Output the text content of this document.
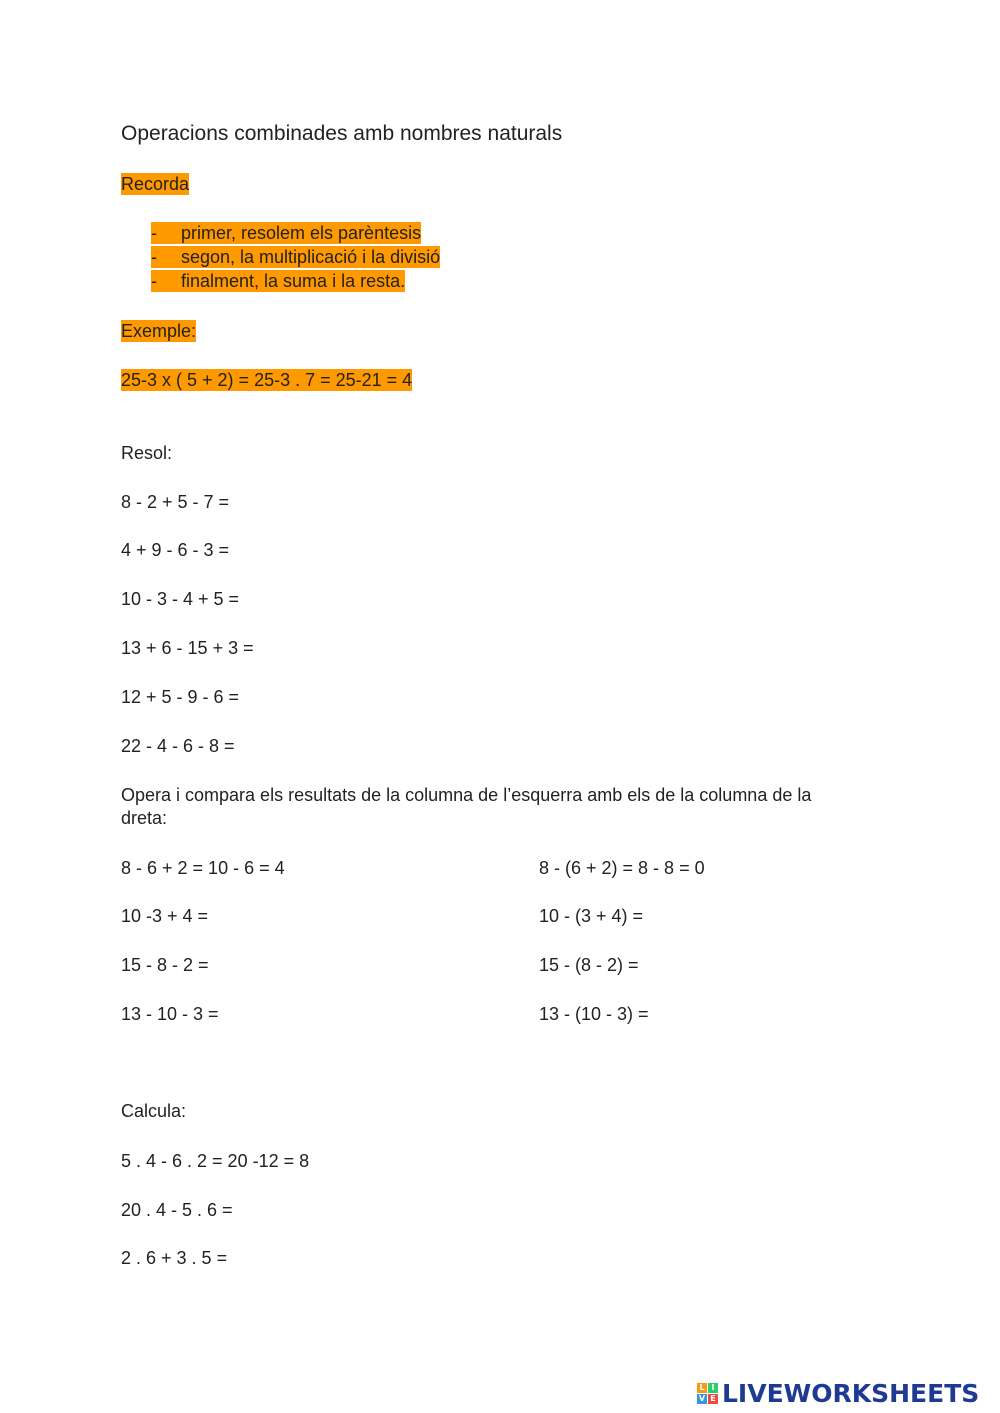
Operacions combinades amb nombres naturals
Recorda
- primer, resolem els parèntesis
- segon, la multiplicació i la divisió
- finalment, la suma i la resta.
Exemple:
25-3 x ( 5 + 2) = 25-3 . 7 = 25-21 = 4
Resol:
8 - 2 + 5 - 7 =
4 + 9 - 6 - 3 =
10 - 3 - 4 + 5 =
13 + 6 - 15 + 3 =
12 + 5 - 9 - 6 =
22 - 4 - 6 - 8 =
Opera i compara els resultats de la columna de l’esquerra amb els de la columna de la dreta:
8 - 6 + 2 = 10 - 6 = 4	8 - (6 + 2) = 8 - 8 = 0
10 -3 + 4 =	10 - (3 + 4) =
15 - 8 - 2 =	15 - (8 - 2) =
13 - 10 - 3 =	13 - (10 - 3) =
Calcula:
5 . 4 - 6 . 2 = 20 -12 = 8
20 . 4 - 5 . 6 =
2 . 6 + 3 . 5 =
L I
V E LIVEWORKSHEETS
